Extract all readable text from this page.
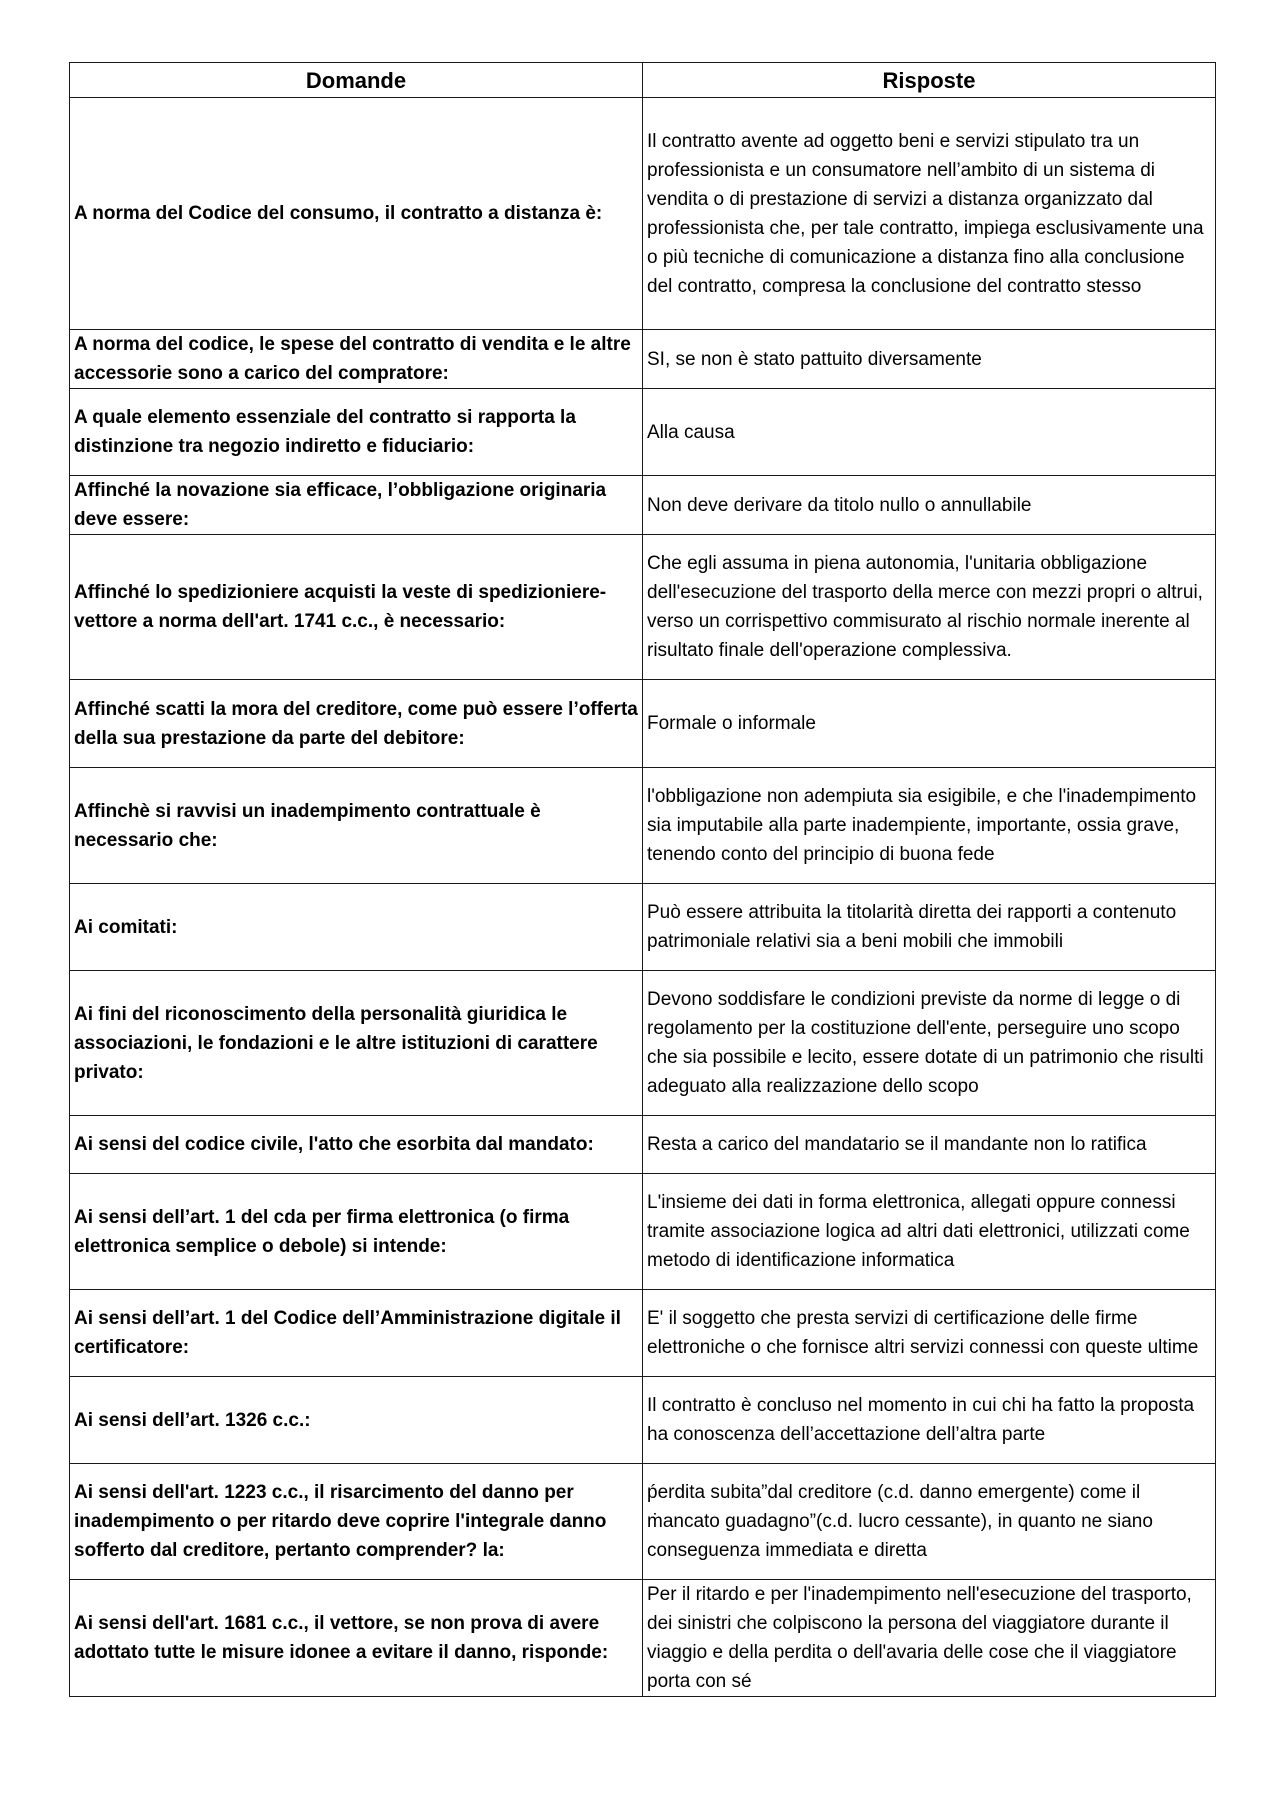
Domande	Risposte
A norma del Codice del consumo, il contratto a distanza è:	Il contratto avente ad oggetto beni e servizi stipulato tra un professionista e un consumatore nell’ambito di un sistema di vendita o di prestazione di servizi a distanza organizzato dal professionista che, per tale contratto, impiega esclusivamente una o più tecniche di comunicazione a distanza fino alla conclusione del contratto, compresa la conclusione del contratto stesso
A norma del codice, le spese del contratto di vendita e le altre accessorie sono a carico del compratore:	SI, se non è stato pattuito diversamente
A quale elemento essenziale del contratto si rapporta la distinzione tra negozio indiretto e fiduciario:	Alla causa
Affinché la novazione sia efficace, l’obbligazione originaria deve essere:	Non deve derivare da titolo nullo o annullabile
Affinché lo spedizioniere acquisti la veste di spedizioniere-vettore a norma dell'art. 1741 c.c., è necessario:	Che egli assuma in piena autonomia, l'unitaria obbligazione dell'esecuzione del trasporto della merce con mezzi propri o altrui, verso un corrispettivo commisurato al rischio normale inerente al risultato finale dell'operazione complessiva.
Affinché scatti la mora del creditore, come può essere l’offerta della sua prestazione da parte del debitore:	Formale o informale
Affinchè si ravvisi un inadempimento contrattuale è necessario che:	l'obbligazione non adempiuta sia esigibile, e che l'inadempimento sia imputabile alla parte inadempiente, importante, ossia grave, tenendo conto del principio di buona fede
Ai comitati:	Può essere attribuita la titolarità diretta dei rapporti a contenuto patrimoniale relativi sia a beni mobili che immobili
Ai fini del riconoscimento della personalità giuridica le associazioni, le fondazioni e le altre istituzioni di carattere privato:	Devono soddisfare le condizioni previste da norme di legge o di regolamento per la costituzione dell'ente, perseguire uno scopo che sia possibile e lecito, essere dotate di un patrimonio che risulti adeguato alla realizzazione dello scopo
Ai sensi del codice civile, l'atto che esorbita dal mandato:	Resta a carico del mandatario se il mandante non lo ratifica
Ai sensi dell’art. 1 del cda per firma elettronica (o firma elettronica semplice o debole) si intende:	L'insieme dei dati in forma elettronica, allegati oppure connessi tramite associazione logica ad altri dati elettronici, utilizzati come metodo di identificazione informatica
Ai sensi dell’art. 1 del Codice dell’Amministrazione digitale il certificatore:	E' il soggetto che presta servizi di certificazione delle firme elettroniche o che fornisce altri servizi connessi con queste ultime
Ai sensi dell’art. 1326 c.c.:	Il contratto è concluso nel momento in cui chi ha fatto la proposta ha conoscenza dell’accettazione dell’altra parte
Ai sensi dell'art. 1223 c.c., il risarcimento del danno per inadempimento o per ritardo deve coprire l'integrale danno sofferto dal creditore, pertanto comprender? la:	ṕerdita subita”dal creditore (c.d. danno emergente) come il ṁancato guadagno”(c.d. lucro cessante), in quanto ne siano conseguenza immediata e diretta
Ai sensi dell'art. 1681 c.c., il vettore, se non prova di avere adottato tutte le misure idonee a evitare il danno, risponde:	Per il ritardo e per l'inadempimento nell'esecuzione del trasporto, dei sinistri che colpiscono la persona del viaggiatore durante il viaggio e della perdita o dell'avaria delle cose che il viaggiatore porta con sé
